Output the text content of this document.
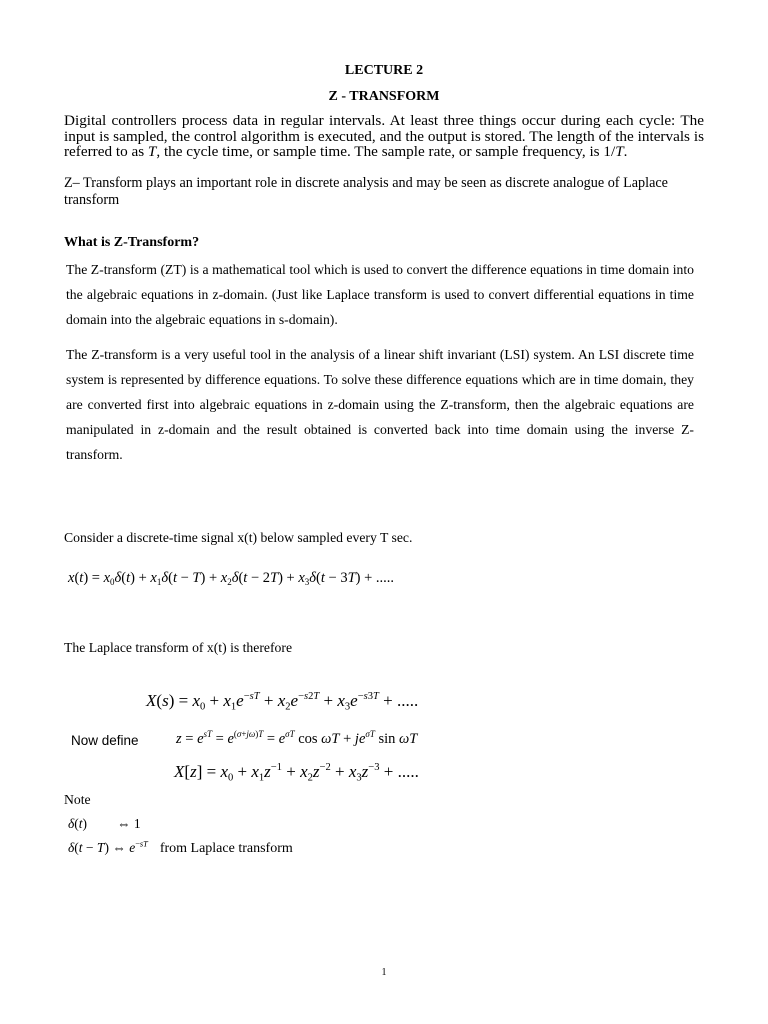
LECTURE 2

Z - TRANSFORM

Digital controllers process data in regular intervals. At least three things occur during each cycle: The input is sampled, the control algorithm is executed, and the output is stored. The length of the intervals is referred to as T, the cycle time, or sample time. The sample rate, or sample frequency, is 1/T.

Z– Transform plays an important role in discrete analysis and may be seen as discrete analogue of Laplace transform

What is Z-Transform?

The Z-transform (ZT) is a mathematical tool which is used to convert the difference equations in time domain into the algebraic equations in z-domain. (Just like Laplace transform is used to convert differential equations in time domain into the algebraic equations in s-domain).

The Z-transform is a very useful tool in the analysis of a linear shift invariant (LSI) system. An LSI discrete time system is represented by difference equations. To solve these difference equations which are in time domain, they are converted first into algebraic equations in z-domain using the Z-transform, then the algebraic equations are manipulated in z-domain and the result obtained is converted back into time domain using the inverse Z-transform.

Consider a discrete-time signal x(t) below sampled every T sec.

$x(t) = x_0\delta(t) + x_1\delta(t - T) + x_2\delta(t - 2T) + x_3\delta(t - 3T)$ + .....

The Laplace transform of x(t) is therefore

$X(s) = x_0 + x_1e^{-sT} + x_2e^{-s2T} + x_3e^{-s3T}$ + .....

Now define	$z = e^{sT} = e^{(\sigma+j\omega)T} = e^{\sigma T}$ $\cos \omega T + je^{\sigma T}$ sin ωT
$X[z] = x_0 + x_1z^{-1} + x_2z^{-2} + x_3z^{-3}$ + .....

Note

δ(t) ⇔ 1
δ(t − T) ⇔ $e^{-sT}$ from Laplace transform

1
